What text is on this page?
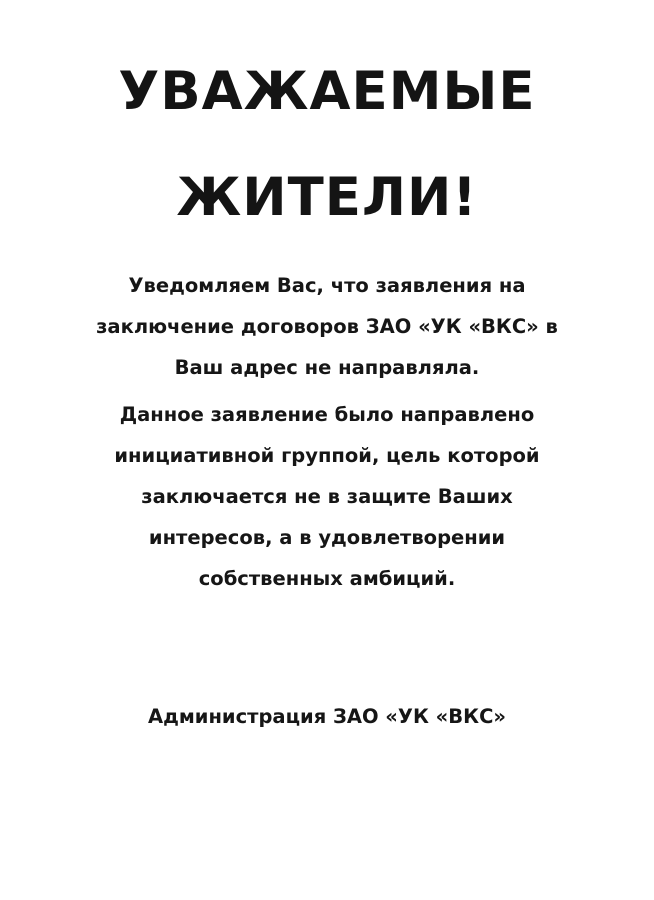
УВАЖАЕМЫЕ
ЖИТЕЛИ!
Уведомляем Вас, что заявления на
заключение договоров ЗАО «УК «ВКС» в
Ваш адрес не направляла.
Данное заявление было направлено
инициативной группой, цель которой
заключается не в защите Ваших
интересов, а в удовлетворении
собственных амбиций.
Администрация ЗАО «УК «ВКС»
